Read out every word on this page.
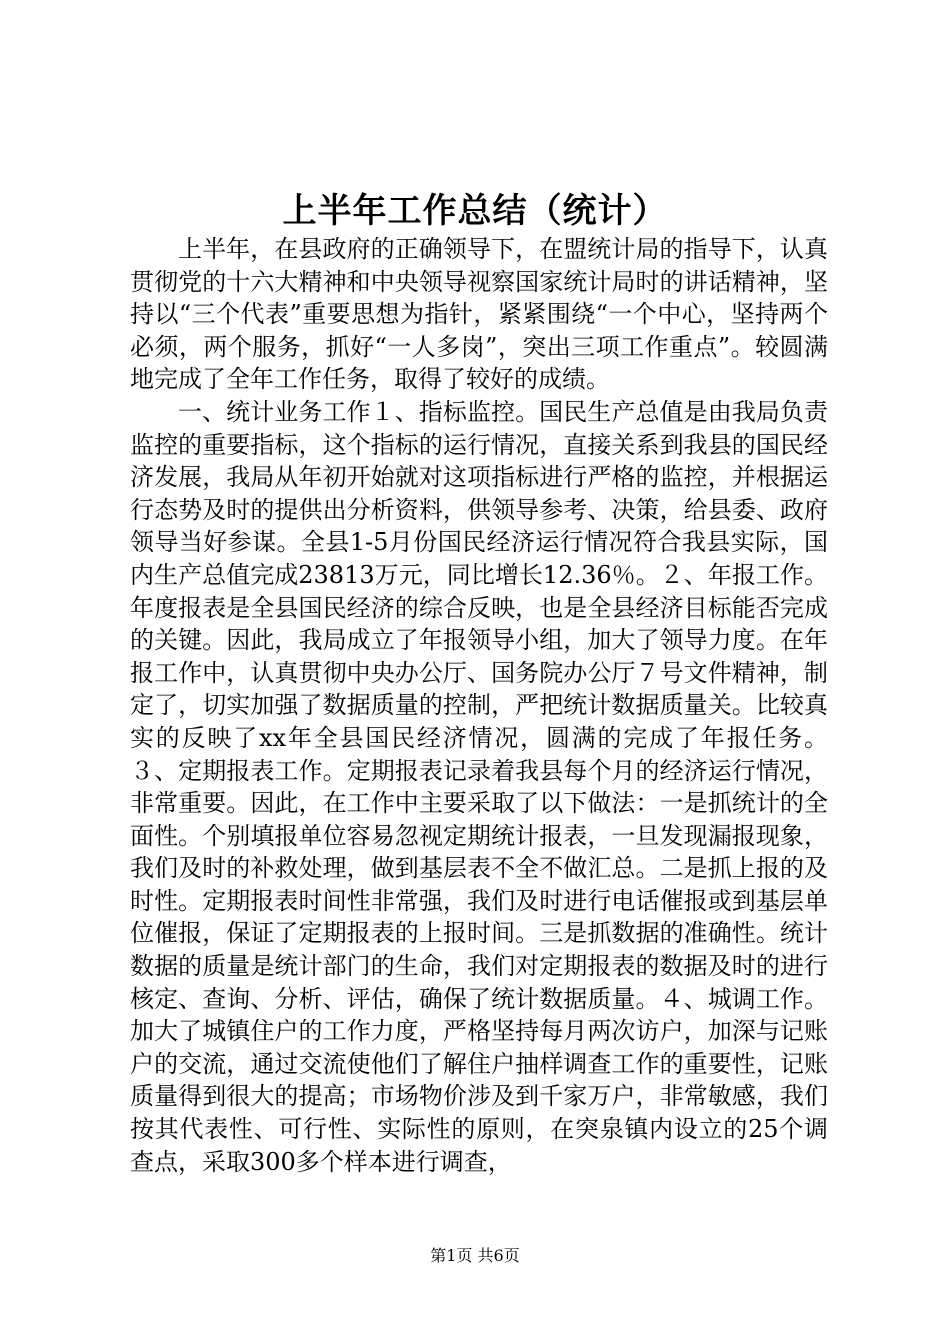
上半年工作总结（统计）

上半年，在县政府的正确领导下，在盟统计局的指导下，认真贯彻党的十六大精神和中央领导视察国家统计局时的讲话精神，坚持以“三个代表”重要思想为指针，紧紧围绕“一个中心，坚持两个必须，两个服务，抓好“一人多岗”，突出三项工作重点”。较圆满地完成了全年工作任务，取得了较好的成绩。

一、统计业务工作１、指标监控。国民生产总值是由我局负责监控的重要指标，这个指标的运行情况，直接关系到我县的国民经济发展，我局从年初开始就对这项指标进行严格的监控，并根据运行态势及时的提供出分析资料，供领导参考、决策，给县委、政府领导当好参谋。全县1-5月份国民经济运行情况符合我县实际，国内生产总值完成23813万元，同比增长12.36％。２、年报工作。年度报表是全县国民经济的综合反映，也是全县经济目标能否完成的关键。因此，我局成立了年报领导小组，加大了领导力度。在年报工作中，认真贯彻中央办公厅、国务院办公厅７号文件精神，制定了，切实加强了数据质量的控制，严把统计数据质量关。比较真实的反映了xx年全县国民经济情况，圆满的完成了年报任务。３、定期报表工作。定期报表记录着我县每个月的经济运行情况，非常重要。因此，在工作中主要采取了以下做法：一是抓统计的全面性。个别填报单位容易忽视定期统计报表，一旦发现漏报现象，我们及时的补救处理，做到基层表不全不做汇总。二是抓上报的及时性。定期报表时间性非常强，我们及时进行电话催报或到基层单位催报，保证了定期报表的上报时间。三是抓数据的准确性。统计数据的质量是统计部门的生命，我们对定期报表的数据及时的进行核定、查询、分析、评估，确保了统计数据质量。４、城调工作。加大了城镇住户的工作力度，严格坚持每月两次访户，加深与记账户的交流，通过交流使他们了解住户抽样调查工作的重要性，记账质量得到很大的提高；市场物价涉及到千家万户，非常敏感，我们按其代表性、可行性、实际性的原则，在突泉镇内设立的25个调查点，采取300多个样本进行调查，

第1页 共6页
